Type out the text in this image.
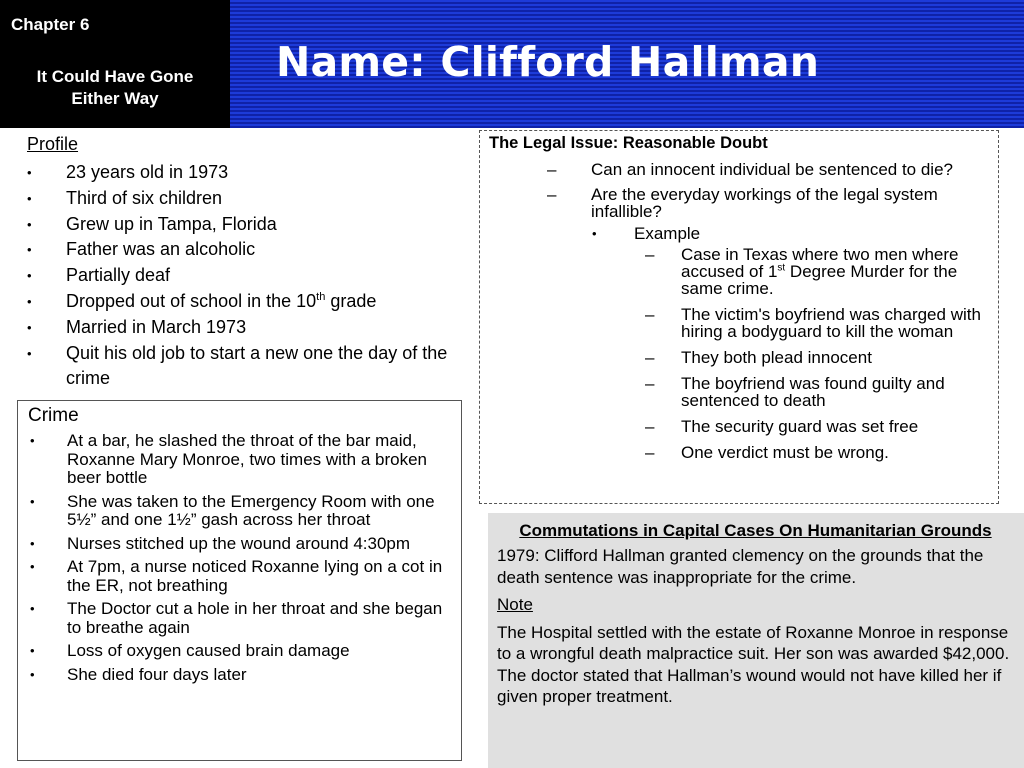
Chapter 6
It Could Have Gone
Either Way
Name: Clifford Hallman
Profile
• 23 years old in 1973
• Third of six children
• Grew up in Tampa, Florida
• Father was an alcoholic
• Partially deaf
• Dropped out of school in the 10th grade
• Married in March 1973
• Quit his old job to start a new one the day of the crime
Crime
• At a bar, he slashed the throat of the bar maid, Roxanne Mary Monroe, two times with a broken beer bottle
• She was taken to the Emergency Room with one 5½” and one 1½” gash across her throat
• Nurses stitched up the wound around 4:30pm
• At 7pm, a nurse noticed Roxanne lying on a cot in the ER, not breathing
• The Doctor cut a hole in her throat and she began to breathe again
• Loss of oxygen caused brain damage
• She died four days later
The Legal Issue: Reasonable Doubt
– Can an innocent individual be sentenced to die?
– Are the everyday workings of the legal system infallible?
• Example
– Case in Texas where two men where accused of 1st Degree Murder for the same crime.
– The victim's boyfriend was charged with hiring a bodyguard to kill the woman
– They both plead innocent
– The boyfriend was found guilty and sentenced to death
– The security guard was set free
– One verdict must be wrong.
Commutations in Capital Cases On Humanitarian Grounds

1979: Clifford Hallman granted clemency on the grounds that the death sentence was inappropriate for the crime.

Note

The Hospital settled with the estate of Roxanne Monroe in response to a wrongful death malpractice suit. Her son was awarded $42,000. The doctor stated that Hallman’s wound would not have killed her if given proper treatment.
